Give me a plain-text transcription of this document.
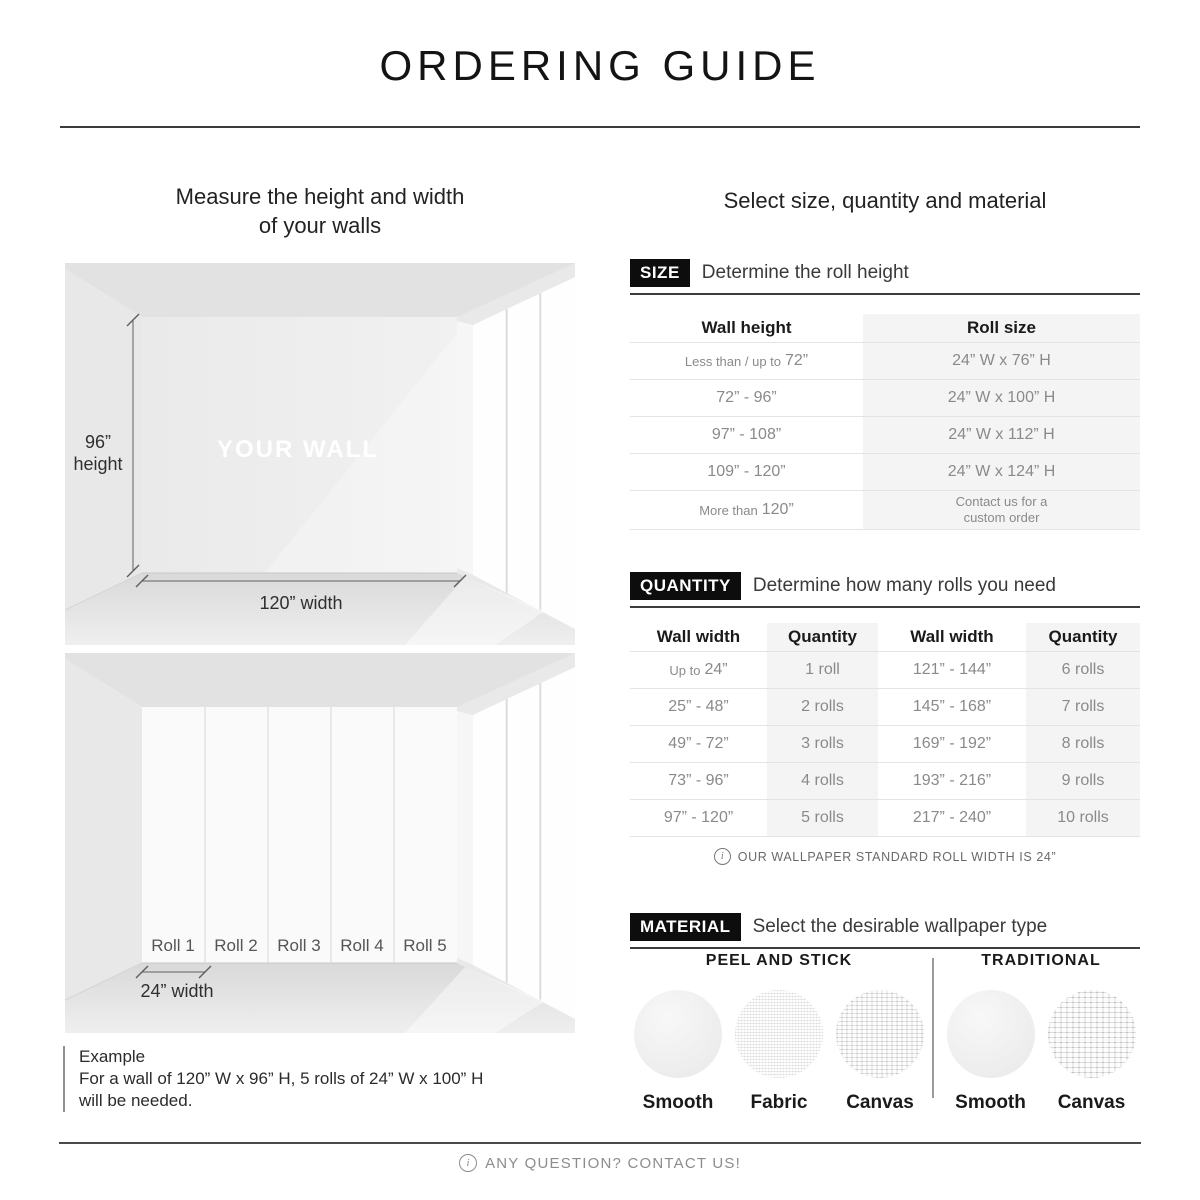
ORDERING GUIDE
Measure the height and width
of your walls
96”
height
120” width
YOUR WALL
Roll 1 Roll 2 Roll 3 Roll 4 Roll 5
24” width
Example
For a wall of 120” W x 96” H, 5 rolls of 24” W x 100” H
will be needed.
Select size, quantity and material
SIZE	Determine the roll height
Wall height	Roll size
Less than / up to 72”	24” W x 76” H
72” - 96”	24” W x 100” H
97” - 108”	24” W x 112” H
109” - 120”	24” W x 124” H
More than 120”	Contact us for a
custom order
QUANTITY	Determine how many rolls you need
Wall width	Quantity	Wall width	Quantity
Up to 24”	1 roll	121” - 144”	6 rolls
25” - 48”	2 rolls	145” - 168”	7 rolls
49” - 72”	3 rolls	169” - 192”	8 rolls
73” - 96”	4 rolls	193” - 216”	9 rolls
97” - 120”	5 rolls	217” - 240”	10 rolls
i	OUR WALLPAPER STANDARD ROLL WIDTH IS 24”
MATERIAL	Select the desirable wallpaper type
PEEL AND STICK
Smooth Fabric Canvas
TRADITIONAL
Smooth Canvas
i	ANY QUESTION? CONTACT US!
